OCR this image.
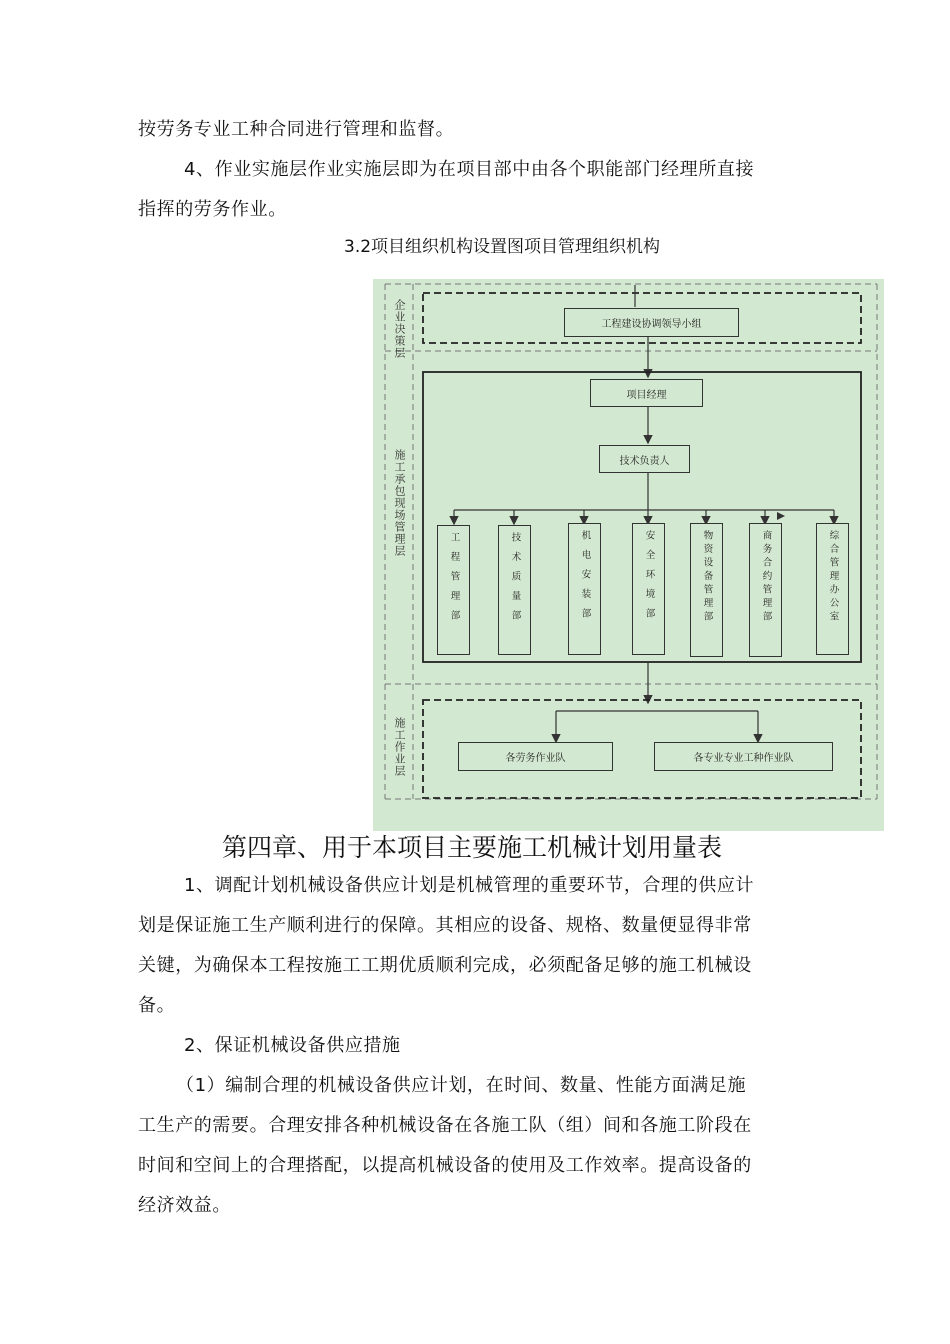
按劳务专业工种合同进行管理和监督。
4、作业实施层作业实施层即为在项目部中由各个职能部门经理所直接
指挥的劳务作业。
3.2项目组织机构设置图项目管理组织机构
企业决策层
施工承包现场管理层
施工作业层
工程建设协调领导小组
项目经理
技术负责人
工程管理部	技术质量部	机电安装部	安全环境部	物资设备管理部	商务合约管理部	综合管理办公室
各劳务作业队	各专业专业工种作业队
第四章、用于本项目主要施工机械计划用量表
1、调配计划机械设备供应计划是机械管理的重要环节，合理的供应计
划是保证施工生产顺利进行的保障。其相应的设备、规格、数量便显得非常
关键，为确保本工程按施工工期优质顺利完成，必须配备足够的施工机械设
备。
2、保证机械设备供应措施
（1）编制合理的机械设备供应计划，在时间、数量、性能方面满足施
工生产的需要。合理安排各种机械设备在各施工队（组）间和各施工阶段在
时间和空间上的合理搭配，以提高机械设备的使用及工作效率。提高设备的
经济效益。
